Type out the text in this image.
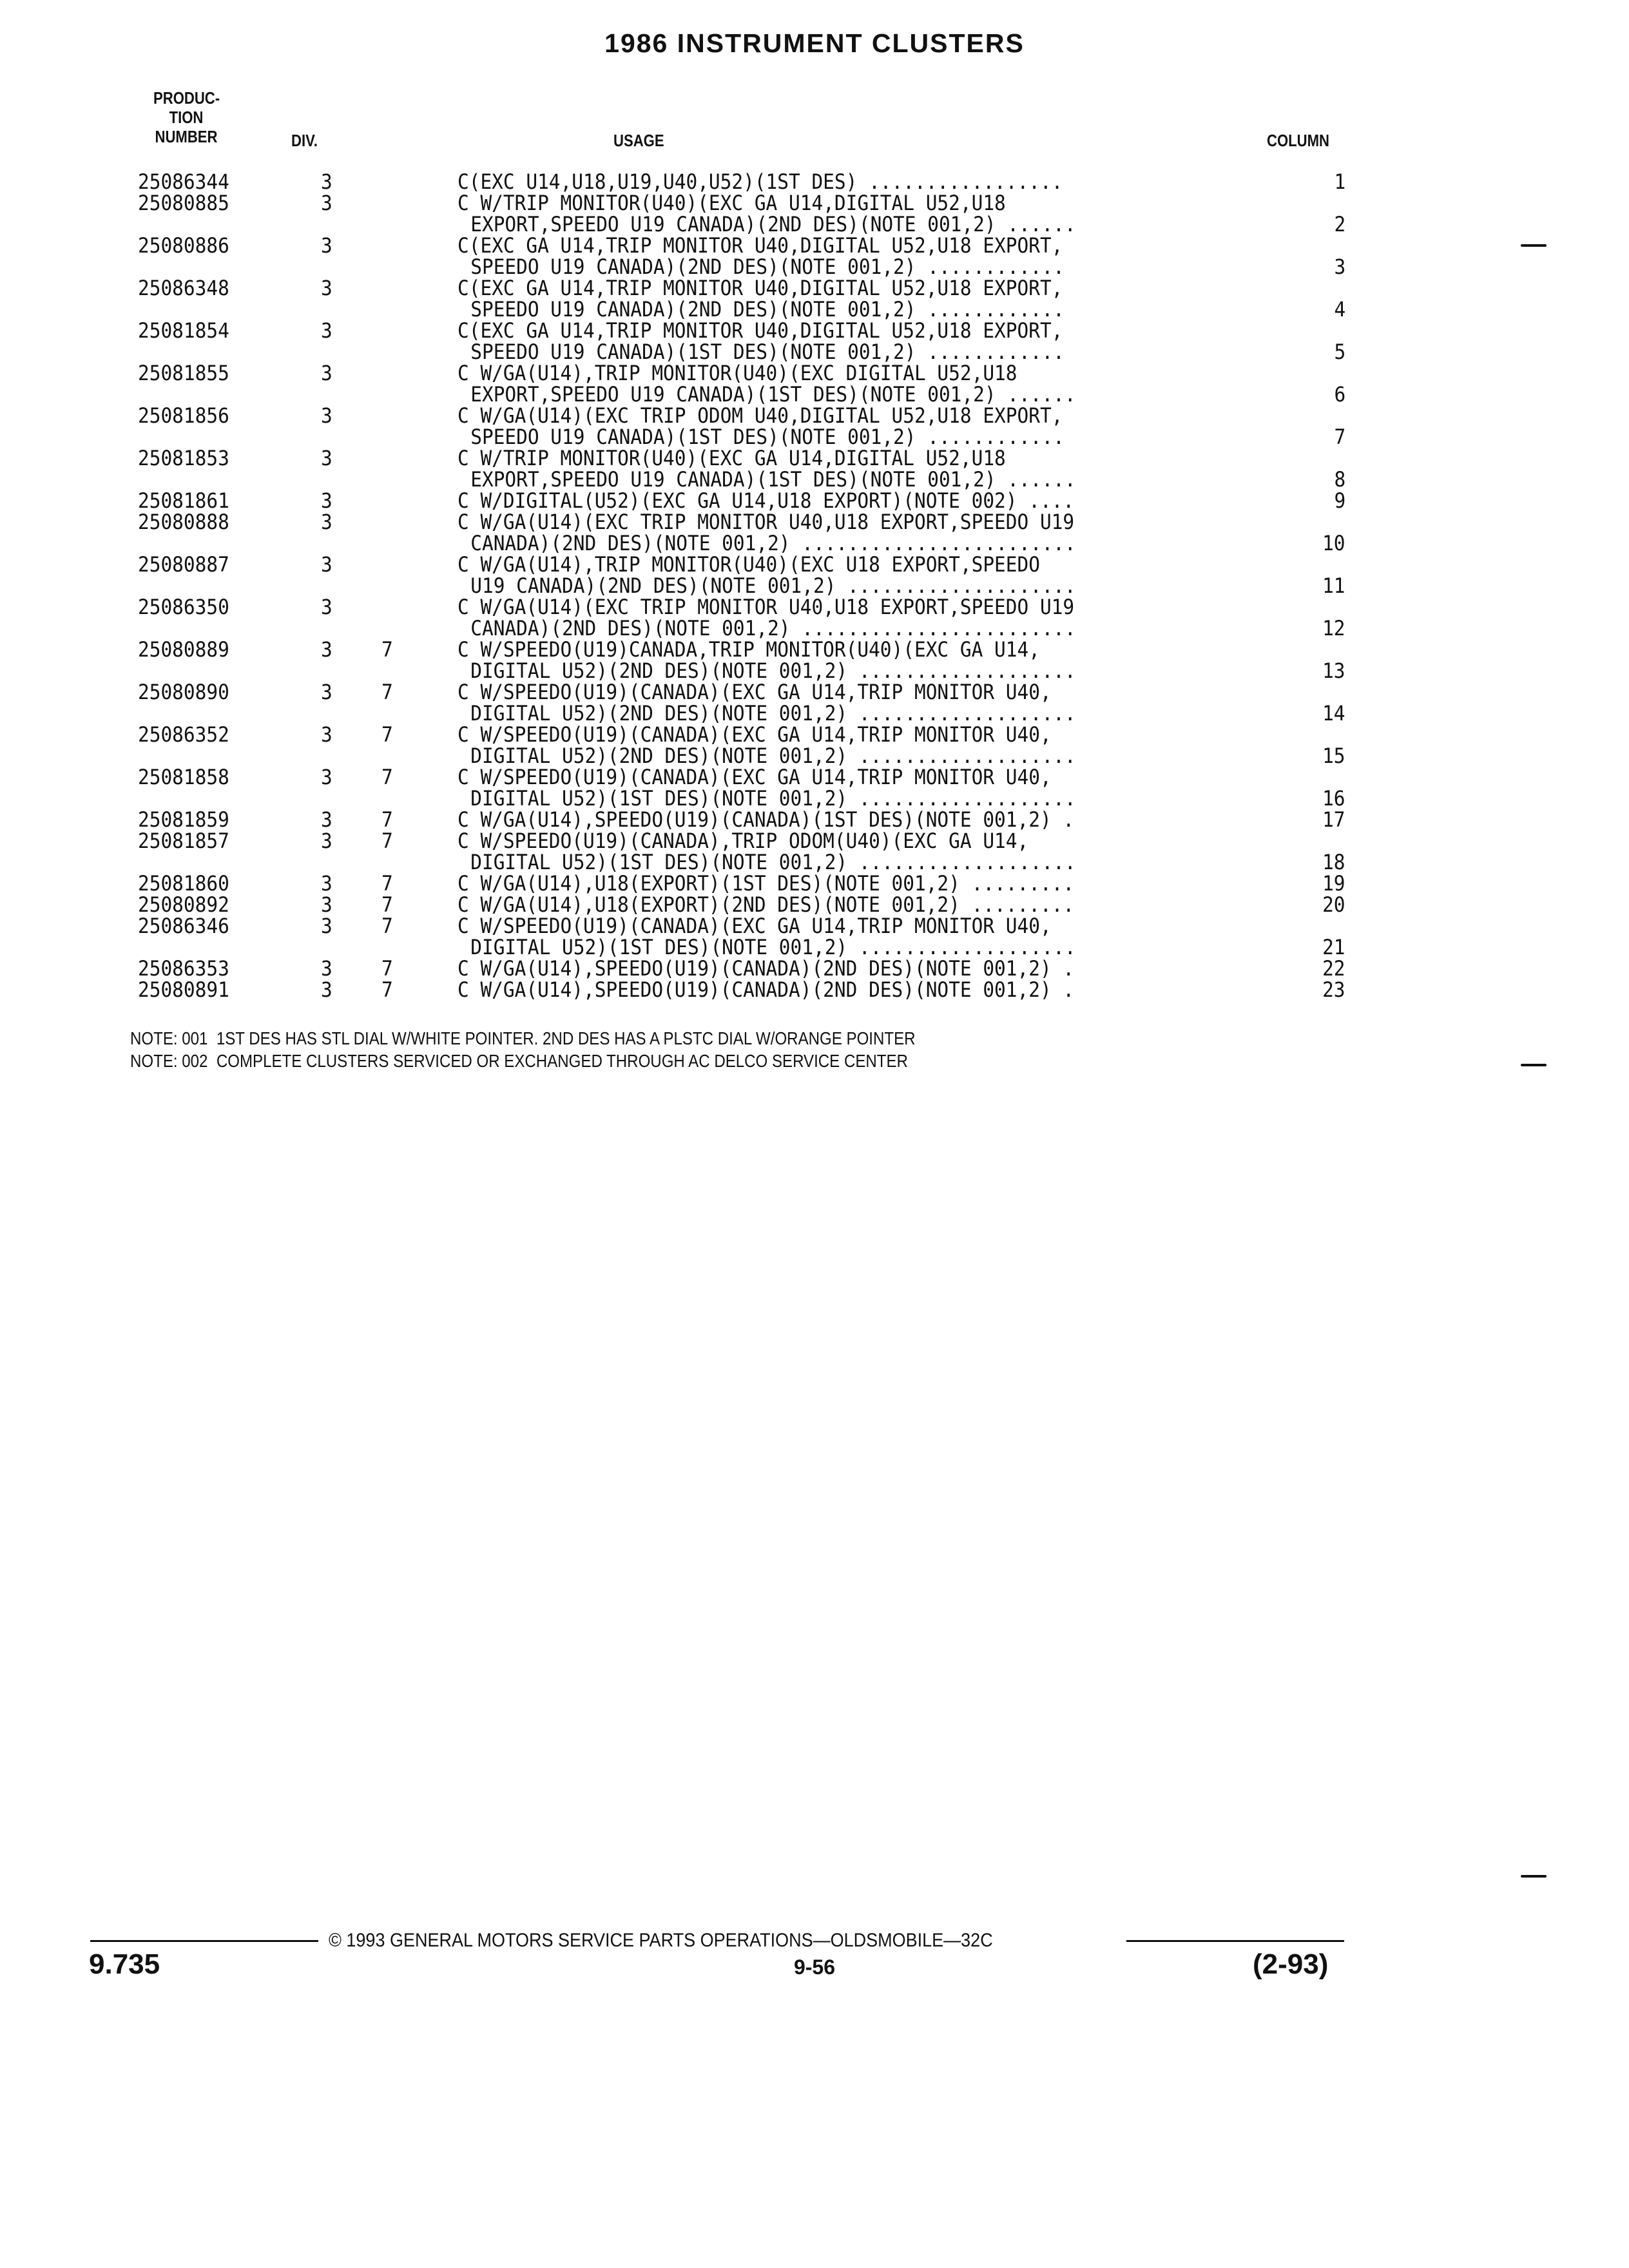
1986 INSTRUMENT CLUSTERS
PRODUC-
TION
NUMBER	DIV.	USAGE	COLUMN
25086344	3	C(EXC U14,U18,U19,U40,U52)(1ST DES) .................	1
25080885	3	C W/TRIP MONITOR(U40)(EXC GA U14,DIGITAL U52,U18
EXPORT,SPEEDO U19 CANADA)(2ND DES)(NOTE 001,2) ......	2
25080886	3	C(EXC GA U14,TRIP MONITOR U40,DIGITAL U52,U18 EXPORT,
SPEEDO U19 CANADA)(2ND DES)(NOTE 001,2) ............	3
25086348	3	C(EXC GA U14,TRIP MONITOR U40,DIGITAL U52,U18 EXPORT,
SPEEDO U19 CANADA)(2ND DES)(NOTE 001,2) ............	4
25081854	3	C(EXC GA U14,TRIP MONITOR U40,DIGITAL U52,U18 EXPORT,
SPEEDO U19 CANADA)(1ST DES)(NOTE 001,2) ............	5
25081855	3	C W/GA(U14),TRIP MONITOR(U40)(EXC DIGITAL U52,U18
EXPORT,SPEEDO U19 CANADA)(1ST DES)(NOTE 001,2) ......	6
25081856	3	C W/GA(U14)(EXC TRIP ODOM U40,DIGITAL U52,U18 EXPORT,
SPEEDO U19 CANADA)(1ST DES)(NOTE 001,2) ............	7
25081853	3	C W/TRIP MONITOR(U40)(EXC GA U14,DIGITAL U52,U18
EXPORT,SPEEDO U19 CANADA)(1ST DES)(NOTE 001,2) ......	8
25081861	3	C W/DIGITAL(U52)(EXC GA U14,U18 EXPORT)(NOTE 002) ....	9
25080888	3	C W/GA(U14)(EXC TRIP MONITOR U40,U18 EXPORT,SPEEDO U19
CANADA)(2ND DES)(NOTE 001,2) ........................	10
25080887	3	C W/GA(U14),TRIP MONITOR(U40)(EXC U18 EXPORT,SPEEDO
U19 CANADA)(2ND DES)(NOTE 001,2) ....................	11
25086350	3	C W/GA(U14)(EXC TRIP MONITOR U40,U18 EXPORT,SPEEDO U19
CANADA)(2ND DES)(NOTE 001,2) ........................	12
25080889	3 7	C W/SPEEDO(U19)CANADA,TRIP MONITOR(U40)(EXC GA U14,
DIGITAL U52)(2ND DES)(NOTE 001,2) ...................	13
25080890	3 7	C W/SPEEDO(U19)(CANADA)(EXC GA U14,TRIP MONITOR U40,
DIGITAL U52)(2ND DES)(NOTE 001,2) ...................	14
25086352	3 7	C W/SPEEDO(U19)(CANADA)(EXC GA U14,TRIP MONITOR U40,
DIGITAL U52)(2ND DES)(NOTE 001,2) ...................	15
25081858	3 7	C W/SPEEDO(U19)(CANADA)(EXC GA U14,TRIP MONITOR U40,
DIGITAL U52)(1ST DES)(NOTE 001,2) ...................	16
25081859	3 7	C W/GA(U14),SPEEDO(U19)(CANADA)(1ST DES)(NOTE 001,2) .	17
25081857	3 7	C W/SPEEDO(U19)(CANADA),TRIP ODOM(U40)(EXC GA U14,
DIGITAL U52)(1ST DES)(NOTE 001,2) ...................	18
25081860	3 7	C W/GA(U14),U18(EXPORT)(1ST DES)(NOTE 001,2) .........	19
25080892	3 7	C W/GA(U14),U18(EXPORT)(2ND DES)(NOTE 001,2) .........	20
25086346	3 7	C W/SPEEDO(U19)(CANADA)(EXC GA U14,TRIP MONITOR U40,
DIGITAL U52)(1ST DES)(NOTE 001,2) ...................	21
25086353	3 7	C W/GA(U14),SPEEDO(U19)(CANADA)(2ND DES)(NOTE 001,2) .	22
25080891	3 7	C W/GA(U14),SPEEDO(U19)(CANADA)(2ND DES)(NOTE 001,2) .	23
NOTE: 001  1ST DES HAS STL DIAL W/WHITE POINTER. 2ND DES HAS A PLSTC DIAL W/ORANGE POINTER
NOTE: 002  COMPLETE CLUSTERS SERVICED OR EXCHANGED THROUGH AC DELCO SERVICE CENTER
© 1993 GENERAL MOTORS SERVICE PARTS OPERATIONS—OLDSMOBILE—32C
9.735	9-56	(2-93)
